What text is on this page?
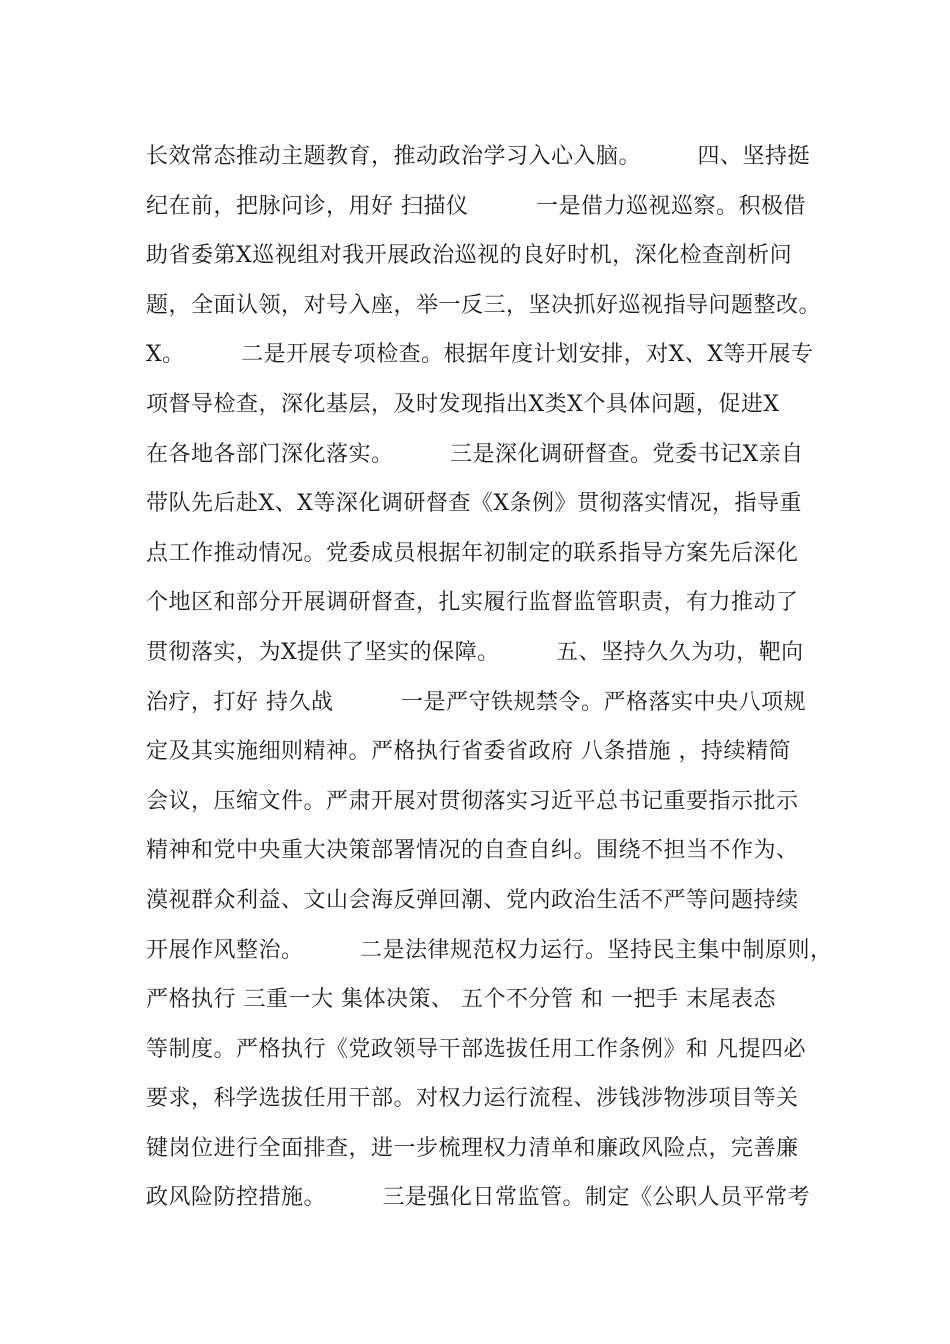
长效常态推动主题教育，推动政治学习入心入脑。　　　四、坚持挺
纪在前，把脉问诊，用好 扫描仪　　　一是借力巡视巡察。积极借
助省委第X巡视组对我开展政治巡视的良好时机，深化检查剖析问
题，全面认领，对号入座，举一反三，坚决抓好巡视指导问题整改。
X。　　　二是开展专项检查。根据年度计划安排，对X、X等开展专
项督导检查，深化基层，及时发现指出X类X个具体问题，促进X
在各地各部门深化落实。　　　三是深化调研督查。党委书记X亲自
带队先后赴X、X等深化调研督查《X条例》贯彻落实情况，指导重
点工作推动情况。党委成员根据年初制定的联系指导方案先后深化
个地区和部分开展调研督查，扎实履行监督监管职责，有力推动了
贯彻落实，为X提供了坚实的保障。　　　五、坚持久久为功，靶向
治疗，打好 持久战　　　一是严守铁规禁令。严格落实中央八项规
定及其实施细则精神。严格执行省委省政府 八条措施 ，持续精简
会议，压缩文件。严肃开展对贯彻落实习近平总书记重要指示批示
精神和党中央重大决策部署情况的自查自纠。围绕不担当不作为、
漠视群众利益、文山会海反弹回潮、党内政治生活不严等问题持续
开展作风整治。　　　二是法律规范权力运行。坚持民主集中制原则，
严格执行 三重一大 集体决策、 五个不分管 和 一把手 末尾表态
等制度。严格执行《党政领导干部选拔任用工作条例》和 凡提四必
要求，科学选拔任用干部。对权力运行流程、涉钱涉物涉项目等关
键岗位进行全面排查，进一步梳理权力清单和廉政风险点，完善廉
政风险防控措施。　　　三是强化日常监管。制定《公职人员平常考
